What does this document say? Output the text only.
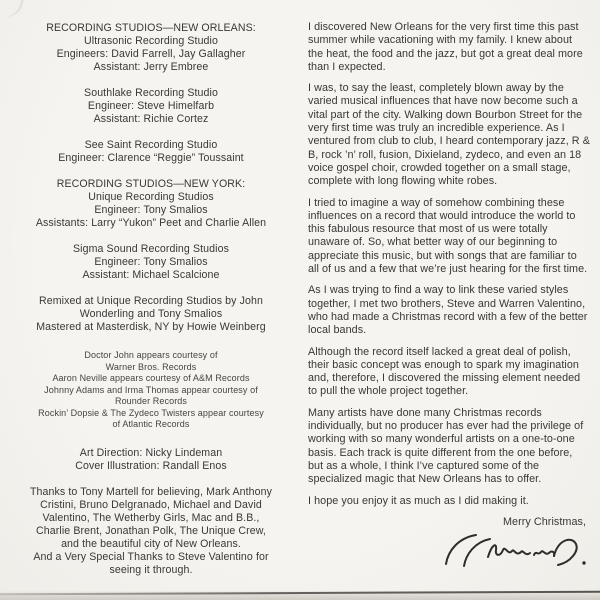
RECORDING STUDIOS—NEW ORLEANS:
Ultrasonic Recording Studio
Engineers: David Farrell, Jay Gallagher
Assistant: Jerry Embree
Southlake Recording Studio
Engineer: Steve Himelfarb
Assistant: Richie Cortez
See Saint Recording Studio
Engineer: Clarence “Reggie” Toussaint
RECORDING STUDIOS—NEW YORK:
Unique Recording Studios
Engineer: Tony Smalios
Assistants: Larry “Yukon” Peet and Charlie Allen
Sigma Sound Recording Studios
Engineer: Tony Smalios
Assistant: Michael Scalcione
Remixed at Unique Recording Studios by John
Wonderling and Tony Smalios
Mastered at Masterdisk, NY by Howie Weinberg
Doctor John appears courtesy of
Warner Bros. Records
Aaron Neville appears courtesy of A&M Records
Johnny Adams and Irma Thomas appear courtesy of
Rounder Records
Rockin’ Dopsie & The Zydeco Twisters appear courtesy
of Atlantic Records
Art Direction: Nicky Lindeman
Cover Illustration: Randall Enos
Thanks to Tony Martell for believing, Mark Anthony
Cristini, Bruno Delgranado, Michael and David
Valentino, The Wetherby Girls, Mac and B.B.,
Charlie Brent, Jonathan Polk, The Unique Crew,
and the beautiful city of New Orleans.
And a Very Special Thanks to Steve Valentino for
seeing it through.

I discovered New Orleans for the very first time this past summer while vacationing with my family. I knew about the heat, the food and the jazz, but got a great deal more than I expected.

I was, to say the least, completely blown away by the varied musical influences that have now become such a vital part of the city. Walking down Bourbon Street for the very first time was truly an incredible experience. As I ventured from club to club, I heard contemporary jazz, R & B, rock ’n’ roll, fusion, Dixieland, zydeco, and even an 18 voice gospel choir, crowded together on a small stage, complete with long flowing white robes.

I tried to imagine a way of somehow combining these influences on a record that would introduce the world to this fabulous resource that most of us were totally unaware of. So, what better way of our beginning to appreciate this music, but with songs that are familiar to all of us and a few that we’re just hearing for the first time.

As I was trying to find a way to link these varied styles together, I met two brothers, Steve and Warren Valentino, who had made a Christmas record with a few of the better local bands.

Although the record itself lacked a great deal of polish, their basic concept was enough to spark my imagination and, therefore, I discovered the missing element needed to pull the whole project together.

Many artists have done many Christmas records individually, but no producer has ever had the privilege of working with so many wonderful artists on a one-to-one basis. Each track is quite different from the one before, but as a whole, I think I’ve captured some of the specialized magic that New Orleans has to offer.

I hope you enjoy it as much as I did making it.

Merry Christmas,
